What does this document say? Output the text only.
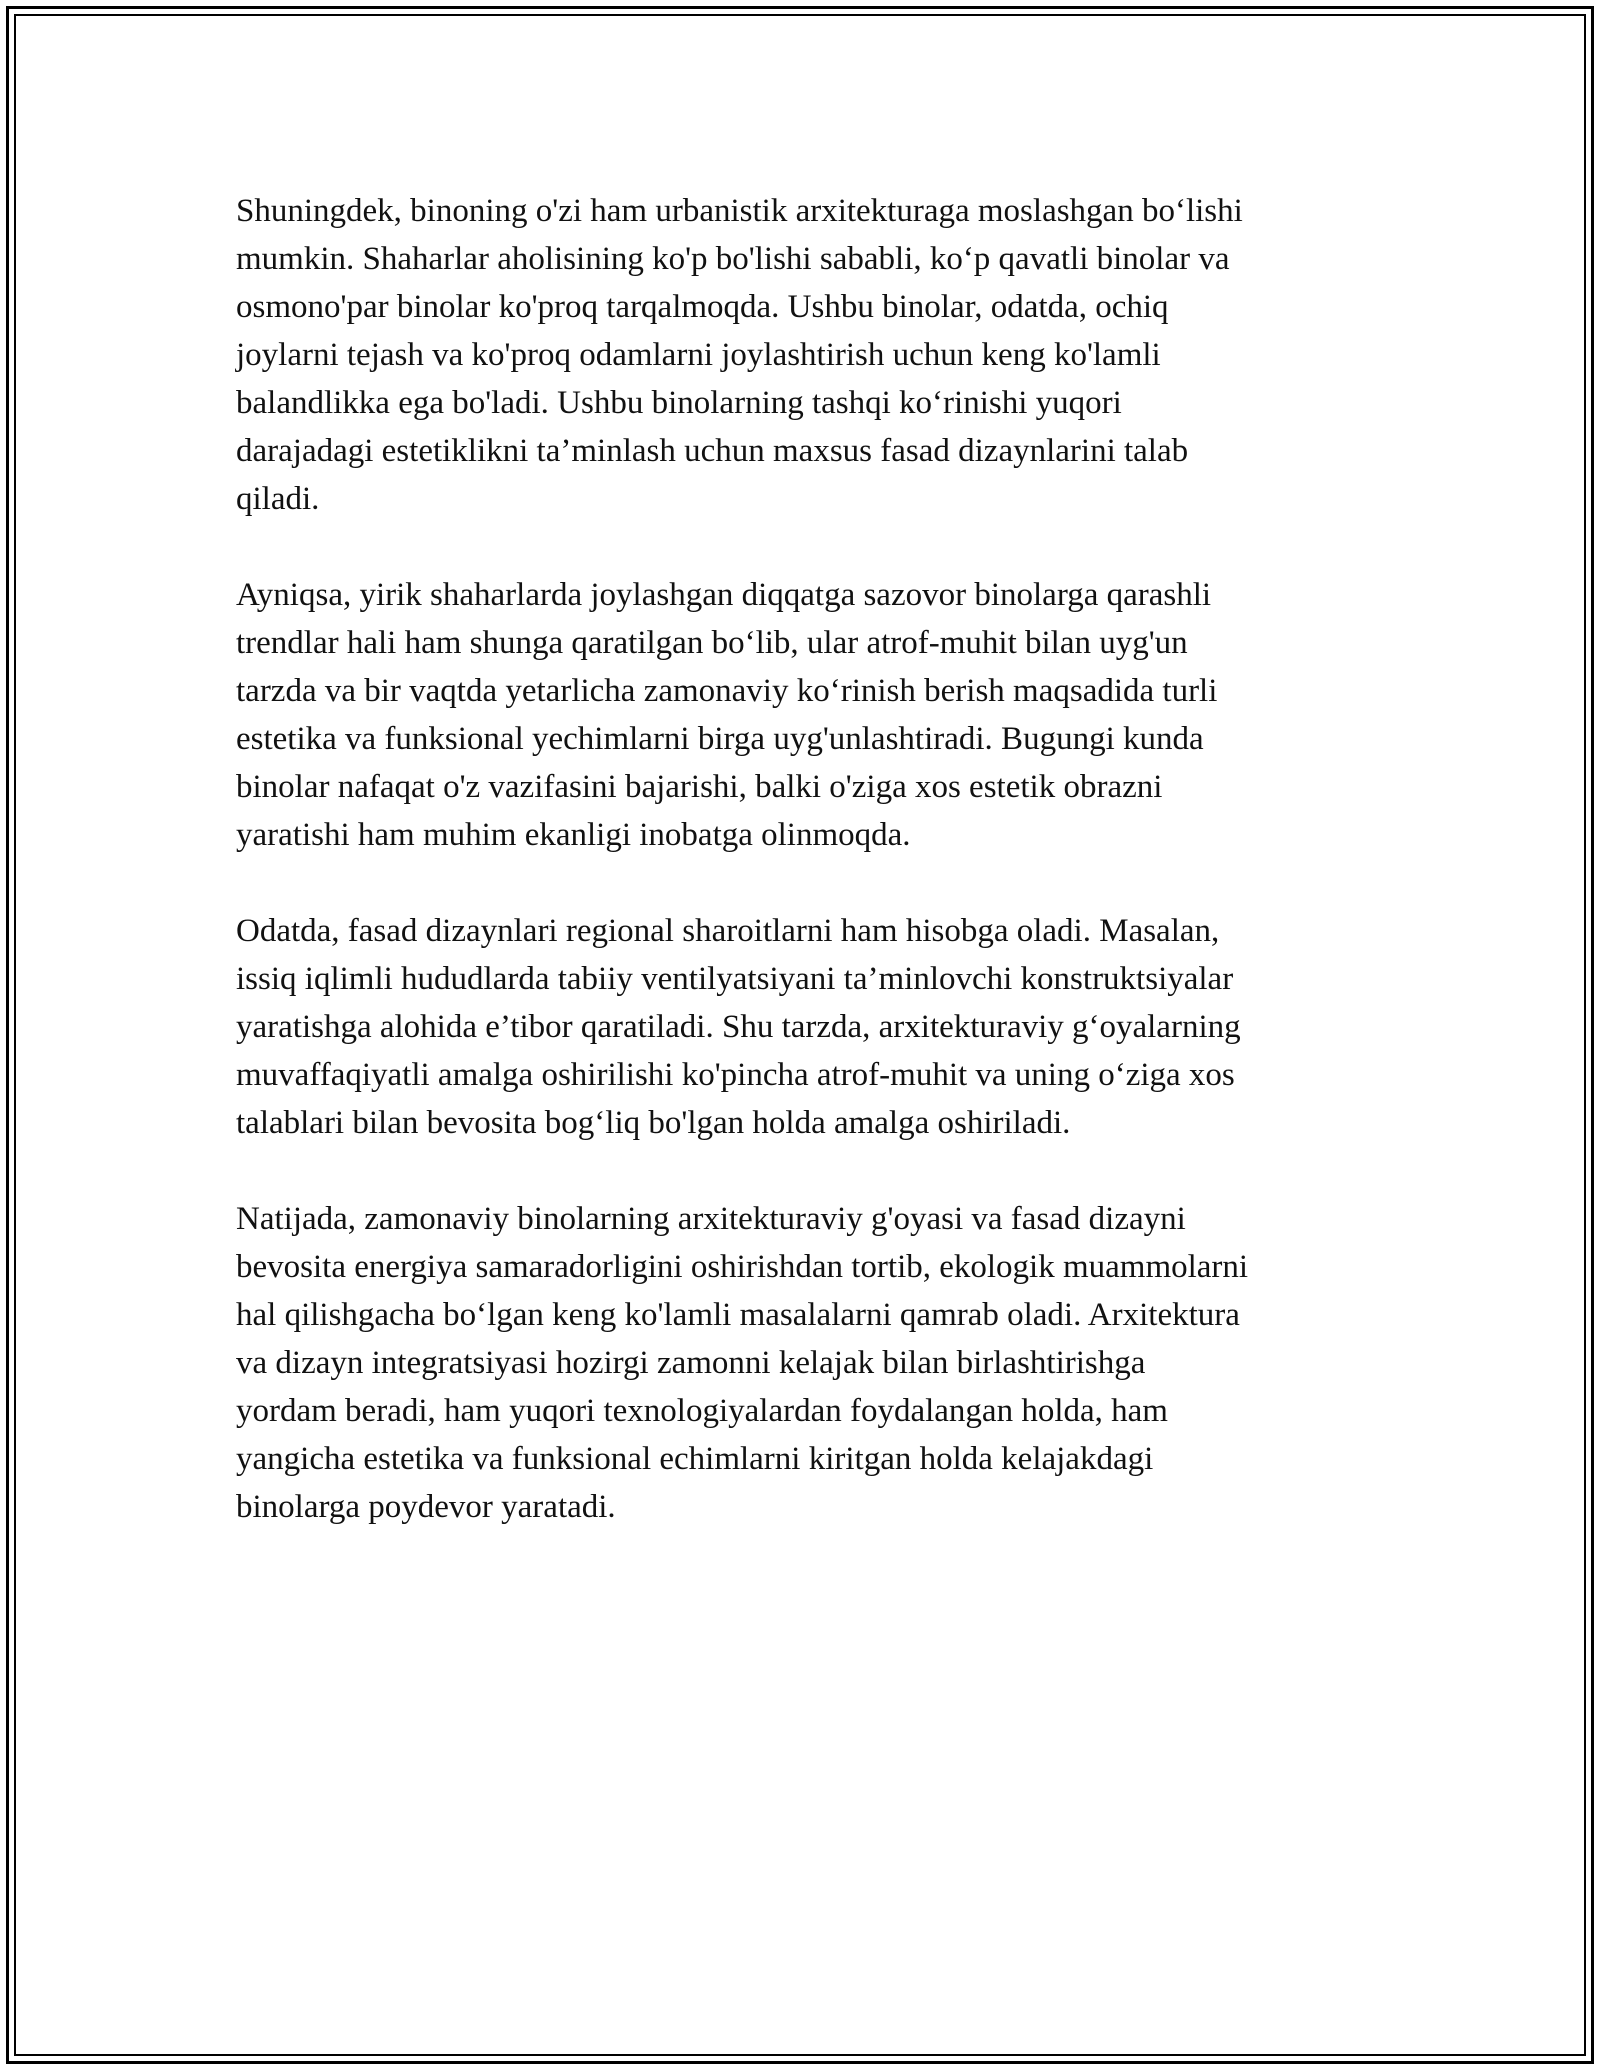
Shuningdek, binoning o'zi ham urbanistik arxitekturaga moslashgan bo‘lishi
mumkin. Shaharlar aholisining ko'p bo'lishi sababli, ko‘p qavatli binolar va
osmono'par binolar ko'proq tarqalmoqda. Ushbu binolar, odatda, ochiq
joylarni tejash va ko'proq odamlarni joylashtirish uchun keng ko'lamli
balandlikka ega bo'ladi. Ushbu binolarning tashqi ko‘rinishi yuqori
darajadagi estetiklikni ta’minlash uchun maxsus fasad dizaynlarini talab
qiladi.

Ayniqsa, yirik shaharlarda joylashgan diqqatga sazovor binolarga qarashli
trendlar hali ham shunga qaratilgan bo‘lib, ular atrof-muhit bilan uyg'un
tarzda va bir vaqtda yetarlicha zamonaviy ko‘rinish berish maqsadida turli
estetika va funksional yechimlarni birga uyg'unlashtiradi. Bugungi kunda
binolar nafaqat o'z vazifasini bajarishi, balki o'ziga xos estetik obrazni
yaratishi ham muhim ekanligi inobatga olinmoqda.

Odatda, fasad dizaynlari regional sharoitlarni ham hisobga oladi. Masalan,
issiq iqlimli hududlarda tabiiy ventilyatsiyani ta’minlovchi konstruktsiyalar
yaratishga alohida e’tibor qaratiladi. Shu tarzda, arxitekturaviy g‘oyalarning
muvaffaqiyatli amalga oshirilishi ko'pincha atrof-muhit va uning o‘ziga xos
talablari bilan bevosita bog‘liq bo'lgan holda amalga oshiriladi.

Natijada, zamonaviy binolarning arxitekturaviy g'oyasi va fasad dizayni
bevosita energiya samaradorligini oshirishdan tortib, ekologik muammolarni
hal qilishgacha bo‘lgan keng ko'lamli masalalarni qamrab oladi. Arxitektura
va dizayn integratsiyasi hozirgi zamonni kelajak bilan birlashtirishga
yordam beradi, ham yuqori texnologiyalardan foydalangan holda, ham
yangicha estetika va funksional echimlarni kiritgan holda kelajakdagi
binolarga poydevor yaratadi.
